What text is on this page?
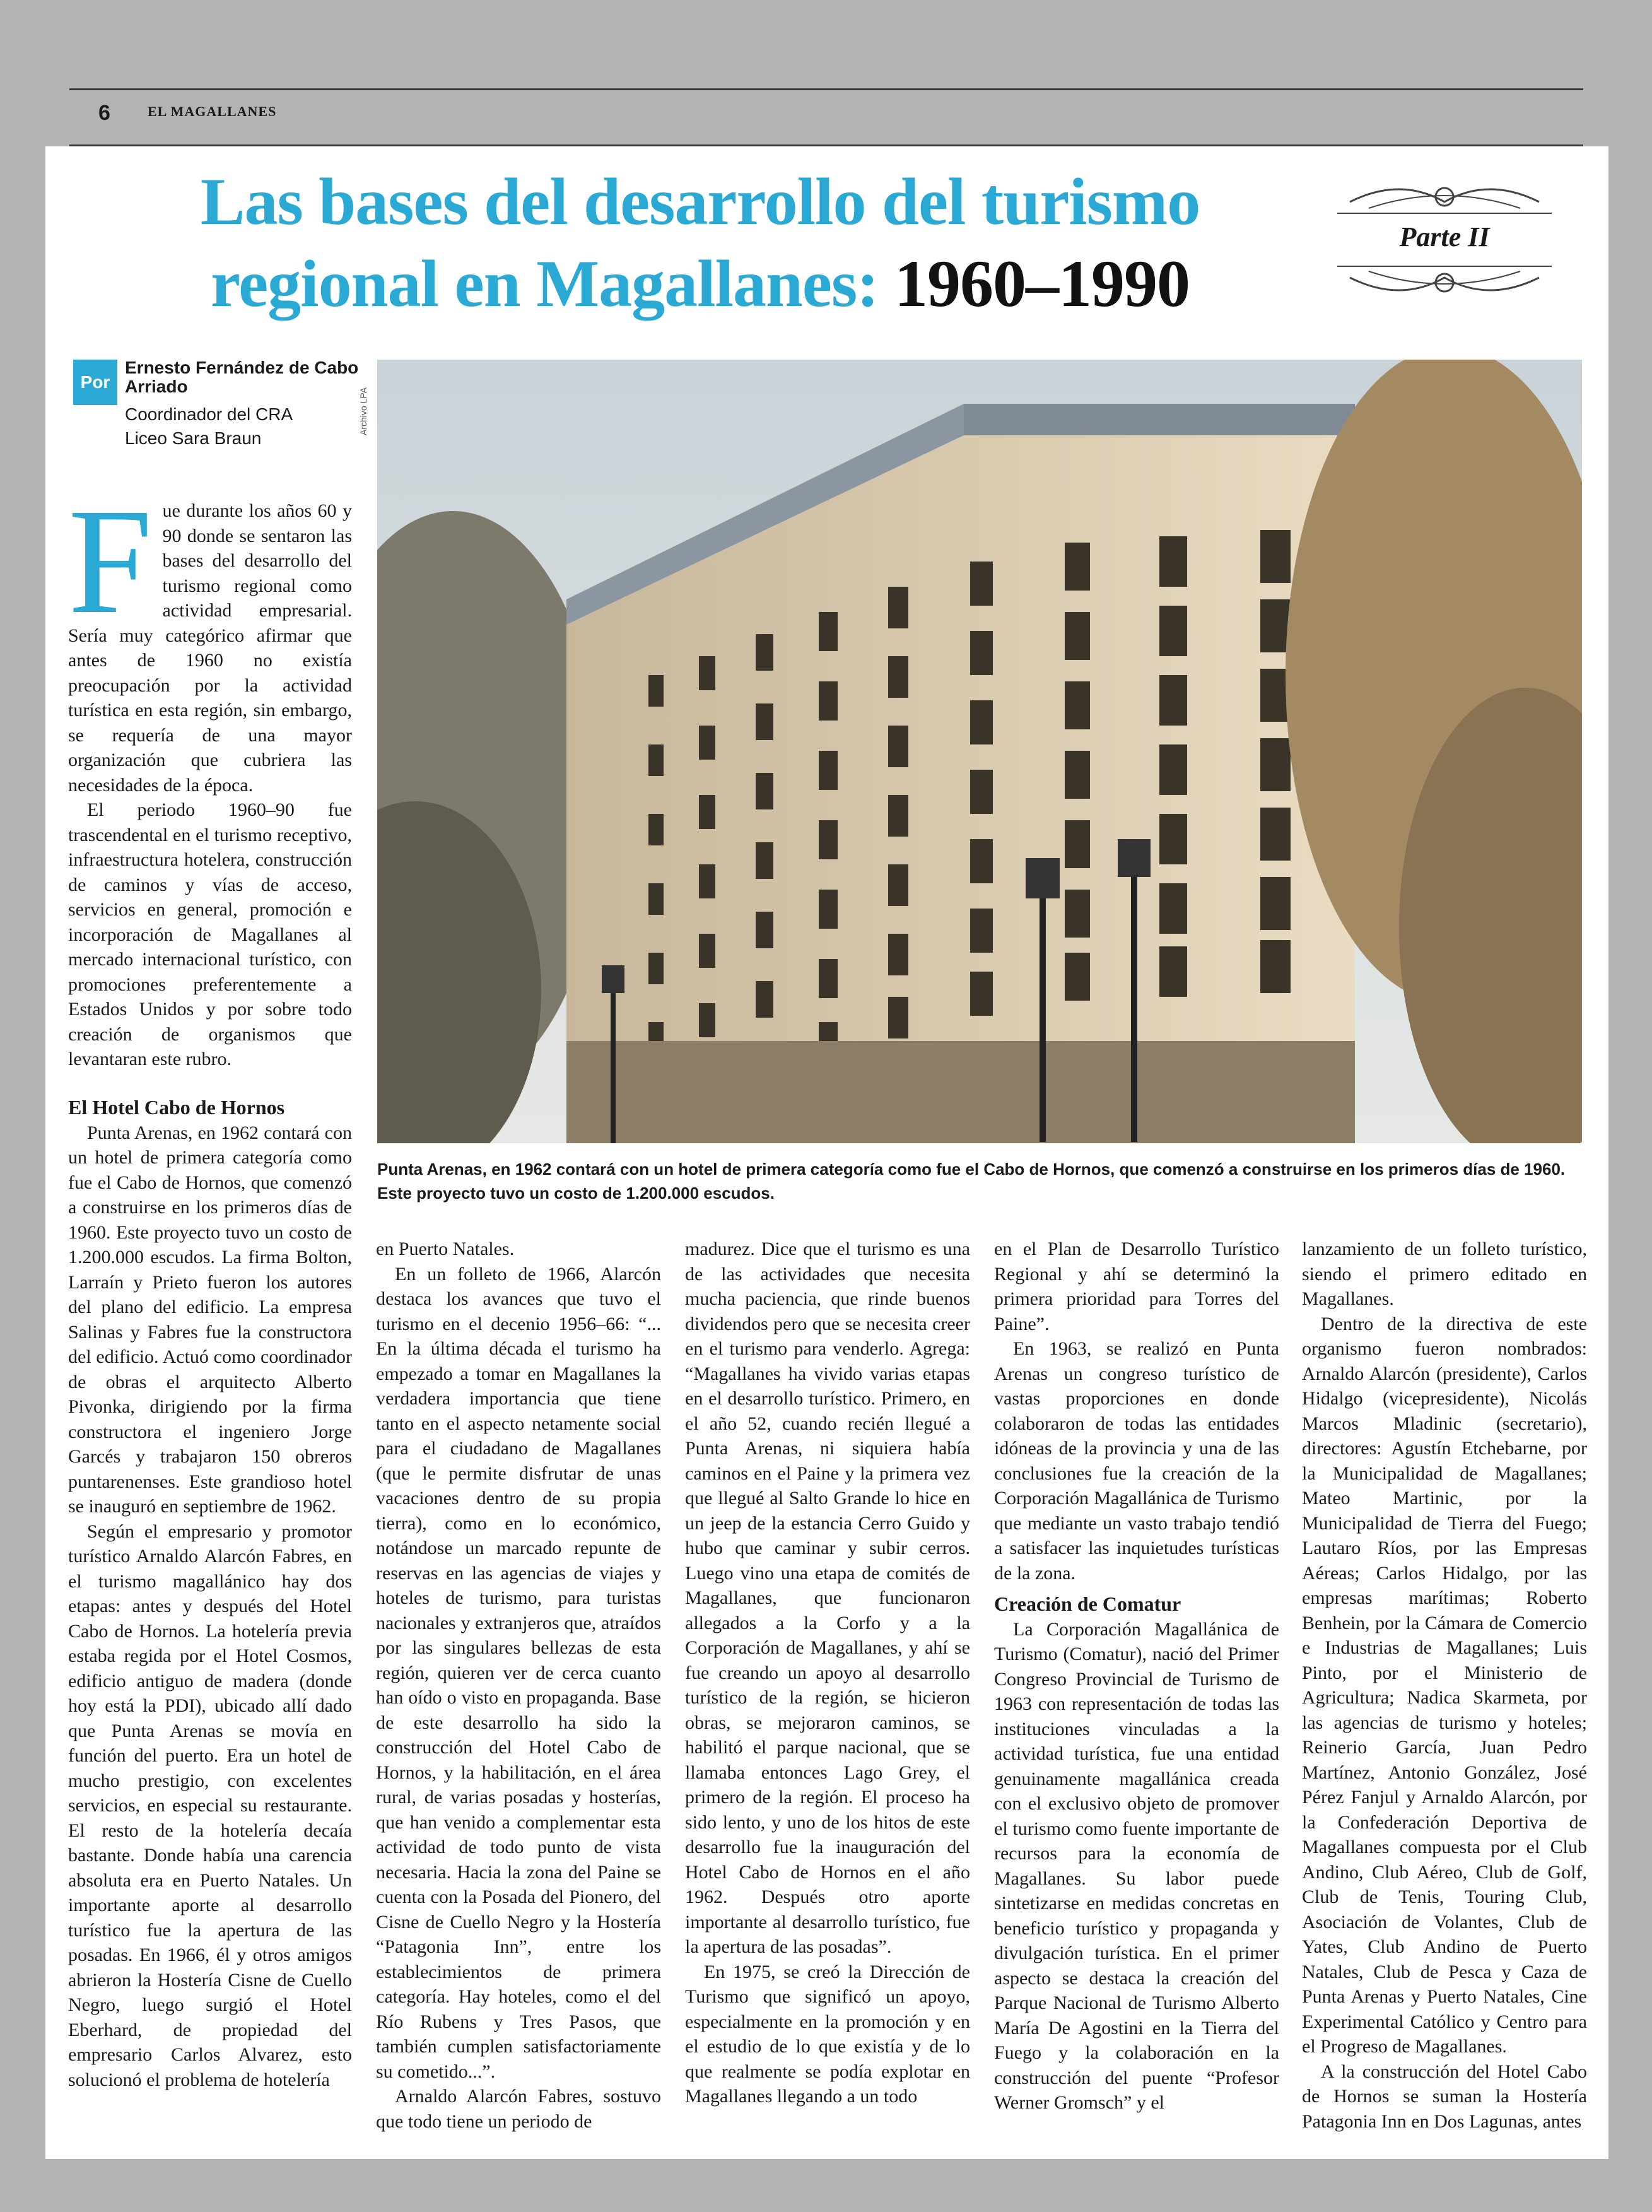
6	EL MAGALLANES
Las bases del desarrollo del turismo
regional en Magallanes: 1960–1990
Parte II
Por
Ernesto Fernández de Cabo Arriado
Coordinador del CRA
Liceo Sara Braun
Archivo LPA
Punta Arenas, en 1962 contará con un hotel de primera categoría como fue el Cabo de Hornos, que comenzó a construirse en los primeros días de 1960. Este proyecto tuvo un costo de 1.200.000 escudos.

Fue durante los años 60 y 90 donde se sentaron las bases del desarrollo del turismo regional como actividad empresarial. Sería muy categórico afirmar que antes de 1960 no existía preocupación por la actividad turística en esta región, sin embargo, se requería de una mayor organización que cubriera las necesidades de la época.

El periodo 1960–90 fue trascendental en el turismo receptivo, infraestructura hotelera, construcción de caminos y vías de acceso, servicios en general, promoción e incorporación de Magallanes al mercado internacional turístico, con promociones preferentemente a Estados Unidos y por sobre todo creación de organismos que levantaran este rubro.

El Hotel Cabo de Hornos

Punta Arenas, en 1962 contará con un hotel de primera categoría como fue el Cabo de Hornos, que comenzó a construirse en los primeros días de 1960. Este proyecto tuvo un costo de 1.200.000 escudos. La firma Bolton, Larraín y Prieto fueron los autores del plano del edificio. La empresa Salinas y Fabres fue la constructora del edificio. Actuó como coordinador de obras el arquitecto Alberto Pivonka, dirigiendo por la firma constructora el ingeniero Jorge Garcés y trabajaron 150 obreros puntarenenses. Este grandioso hotel se inauguró en septiembre de 1962.

Según el empresario y promotor turístico Arnaldo Alarcón Fabres, en el turismo magallánico hay dos etapas: antes y después del Hotel Cabo de Hornos. La hotelería previa estaba regida por el Hotel Cosmos, edificio antiguo de madera (donde hoy está la PDI), ubicado allí dado que Punta Arenas se movía en función del puerto. Era un hotel de mucho prestigio, con excelentes servicios, en especial su restaurante. El resto de la hotelería decaía bastante. Donde había una carencia absoluta era en Puerto Natales. Un importante aporte al desarrollo turístico fue la apertura de las posadas. En 1966, él y otros amigos abrieron la Hostería Cisne de Cuello Negro, luego surgió el Hotel Eberhard, de propiedad del empresario Carlos Alvarez, esto solucionó el problema de hotelería

en Puerto Natales.

En un folleto de 1966, Alarcón destaca los avances que tuvo el turismo en el decenio 1956–66: “... En la última década el turismo ha empezado a tomar en Magallanes la verdadera importancia que tiene tanto en el aspecto netamente social para el ciudadano de Magallanes (que le permite disfrutar de unas vacaciones dentro de su propia tierra), como en lo económico, notándose un marcado repunte de reservas en las agencias de viajes y hoteles de turismo, para turistas nacionales y extranjeros que, atraídos por las singulares bellezas de esta región, quieren ver de cerca cuanto han oído o visto en propaganda. Base de este desarrollo ha sido la construcción del Hotel Cabo de Hornos, y la habilitación, en el área rural, de varias posadas y hosterías, que han venido a complementar esta actividad de todo punto de vista necesaria. Hacia la zona del Paine se cuenta con la Posada del Pionero, del Cisne de Cuello Negro y la Hostería “Patagonia Inn”, entre los establecimientos de primera categoría. Hay hoteles, como el del Río Rubens y Tres Pasos, que también cumplen satisfactoriamente su cometido...”.

Arnaldo Alarcón Fabres, sostuvo que todo tiene un periodo de

madurez. Dice que el turismo es una de las actividades que necesita mucha paciencia, que rinde buenos dividendos pero que se necesita creer en el turismo para venderlo. Agrega: “Magallanes ha vivido varias etapas en el desarrollo turístico. Primero, en el año 52, cuando recién llegué a Punta Arenas, ni siquiera había caminos en el Paine y la primera vez que llegué al Salto Grande lo hice en un jeep de la estancia Cerro Guido y hubo que caminar y subir cerros. Luego vino una etapa de comités de Magallanes, que funcionaron allegados a la Corfo y a la Corporación de Magallanes, y ahí se fue creando un apoyo al desarrollo turístico de la región, se hicieron obras, se mejoraron caminos, se habilitó el parque nacional, que se llamaba entonces Lago Grey, el primero de la región. El proceso ha sido lento, y uno de los hitos de este desarrollo fue la inauguración del Hotel Cabo de Hornos en el año 1962. Después otro aporte importante al desarrollo turístico, fue la apertura de las posadas”.

En 1975, se creó la Dirección de Turismo que significó un apoyo, especialmente en la promoción y en el estudio de lo que existía y de lo que realmente se podía explotar en Magallanes llegando a un todo

en el Plan de Desarrollo Turístico Regional y ahí se determinó la primera prioridad para Torres del Paine”.

En 1963, se realizó en Punta Arenas un congreso turístico de vastas proporciones en donde colaboraron de todas las entidades idóneas de la provincia y una de las conclusiones fue la creación de la Corporación Magallánica de Turismo que mediante un vasto trabajo tendió a satisfacer las inquietudes turísticas de la zona.

Creación de Comatur

La Corporación Magallánica de Turismo (Comatur), nació del Primer Congreso Provincial de Turismo de 1963 con representación de todas las instituciones vinculadas a la actividad turística, fue una entidad genuinamente magallánica creada con el exclusivo objeto de promover el turismo como fuente importante de recursos para la economía de Magallanes. Su labor puede sintetizarse en medidas concretas en beneficio turístico y propaganda y divulgación turística. En el primer aspecto se destaca la creación del Parque Nacional de Turismo Alberto María De Agostini en la Tierra del Fuego y la colaboración en la construcción del puente “Profesor Werner Gromsch” y el

lanzamiento de un folleto turístico, siendo el primero editado en Magallanes.

Dentro de la directiva de este organismo fueron nombrados: Arnaldo Alarcón (presidente), Carlos Hidalgo (vicepresidente), Nicolás Marcos Mladinic (secretario), directores: Agustín Etchebarne, por la Municipalidad de Magallanes; Mateo Martinic, por la Municipalidad de Tierra del Fuego; Lautaro Ríos, por las Empresas Aéreas; Carlos Hidalgo, por las empresas marítimas; Roberto Benhein, por la Cámara de Comercio e Industrias de Magallanes; Luis Pinto, por el Ministerio de Agricultura; Nadica Skarmeta, por las agencias de turismo y hoteles; Reinerio García, Juan Pedro Martínez, Antonio González, José Pérez Fanjul y Arnaldo Alarcón, por la Confederación Deportiva de Magallanes compuesta por el Club Andino, Club Aéreo, Club de Golf, Club de Tenis, Touring Club, Asociación de Volantes, Club de Yates, Club Andino de Puerto Natales, Club de Pesca y Caza de Punta Arenas y Puerto Natales, Cine Experimental Católico y Centro para el Progreso de Magallanes.

A la construcción del Hotel Cabo de Hornos se suman la Hostería Patagonia Inn en Dos Lagunas, antes
